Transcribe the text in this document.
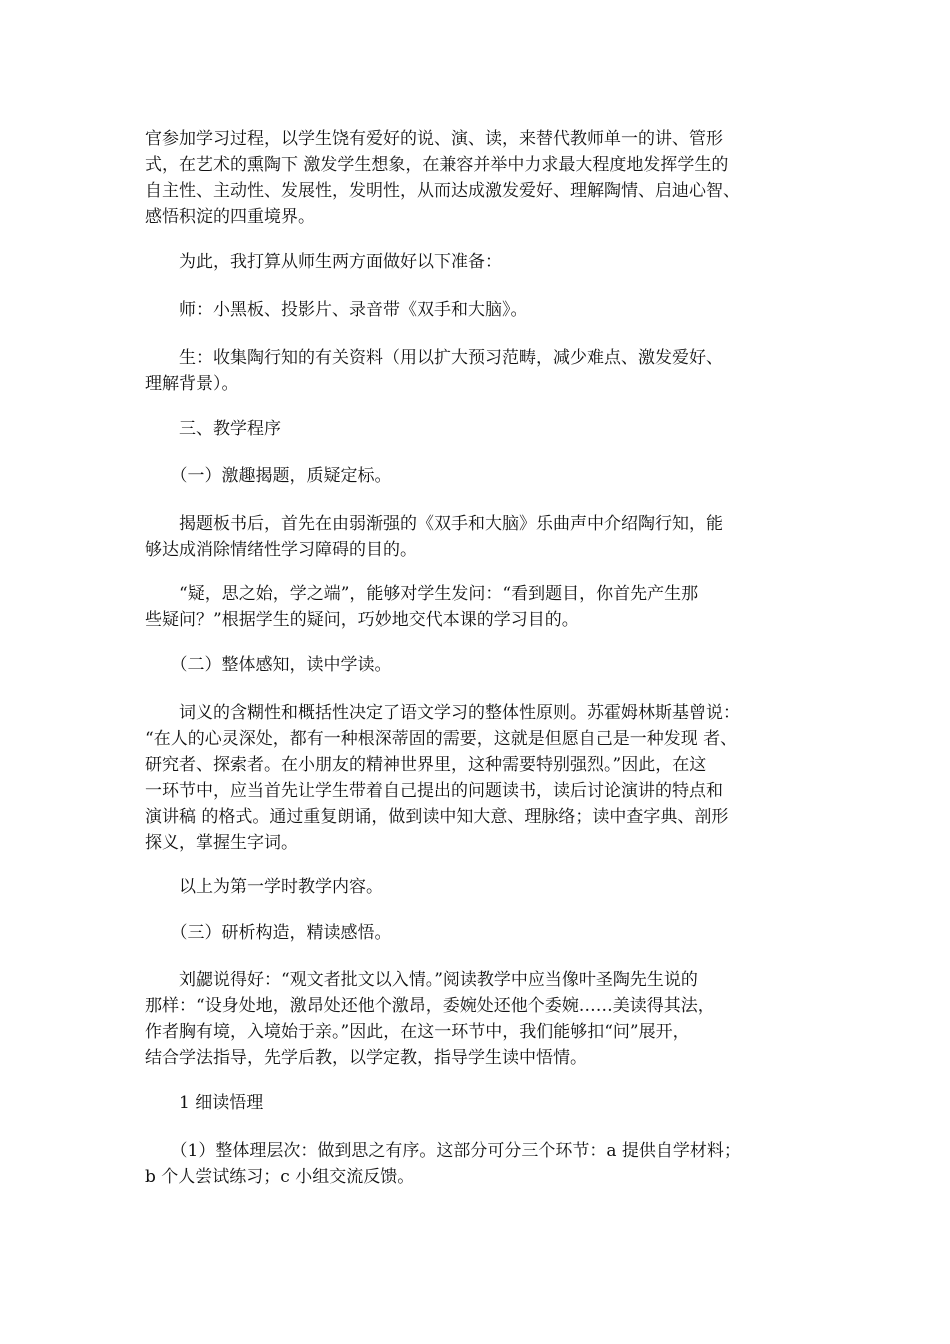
官参加学习过程，以学生饶有爱好的说、演、读，来替代教师单一的讲、管形
式，在艺术的熏陶下 激发学生想象，在兼容并举中力求最大程度地发挥学生的
自主性、主动性、发展性，发明性，从而达成激发爱好、理解陶情、启迪心智、
感悟积淀的四重境界。

　　为此，我打算从师生两方面做好以下准备：

　　师：小黑板、投影片、录音带《双手和大脑》。

　　生：收集陶行知的有关资料（用以扩大预习范畴，减少难点、激发爱好、
理解背景）。

　　三、教学程序

　　（一）激趣揭题，质疑定标。

　　揭题板书后，首先在由弱渐强的《双手和大脑》乐曲声中介绍陶行知，能
够达成消除情绪性学习障碍的目的。

　　“疑，思之始，学之端”，能够对学生发问：“看到题目，你首先产生那
些疑问？”根据学生的疑问，巧妙地交代本课的学习目的。

　　（二）整体感知，读中学读。

　　词义的含糊性和概括性决定了语文学习的整体性原则。苏霍姆林斯基曾说：
“在人的心灵深处，都有一种根深蒂固的需要，这就是但愿自己是一种发现 者、
研究者、探索者。在小朋友的精神世界里，这种需要特别强烈。”因此，在这
一环节中，应当首先让学生带着自己提出的问题读书，读后讨论演讲的特点和
演讲稿 的格式。通过重复朗诵，做到读中知大意、理脉络；读中查字典、剖形
探义，掌握生字词。

　　以上为第一学时教学内容。

　　（三）研析构造，精读感悟。

　　刘勰说得好：“观文者批文以入情。”阅读教学中应当像叶圣陶先生说的
那样：“设身处地，激昂处还他个激昂，委婉处还他个委婉……美读得其法，
作者胸有境，入境始于亲。”因此，在这一环节中，我们能够扣“问”展开，
结合学法指导，先学后教，以学定教，指导学生读中悟情。

　　1 细读悟理

　　（1）整体理层次：做到思之有序。这部分可分三个环节：a 提供自学材料；
b 个人尝试练习；c 小组交流反馈。
